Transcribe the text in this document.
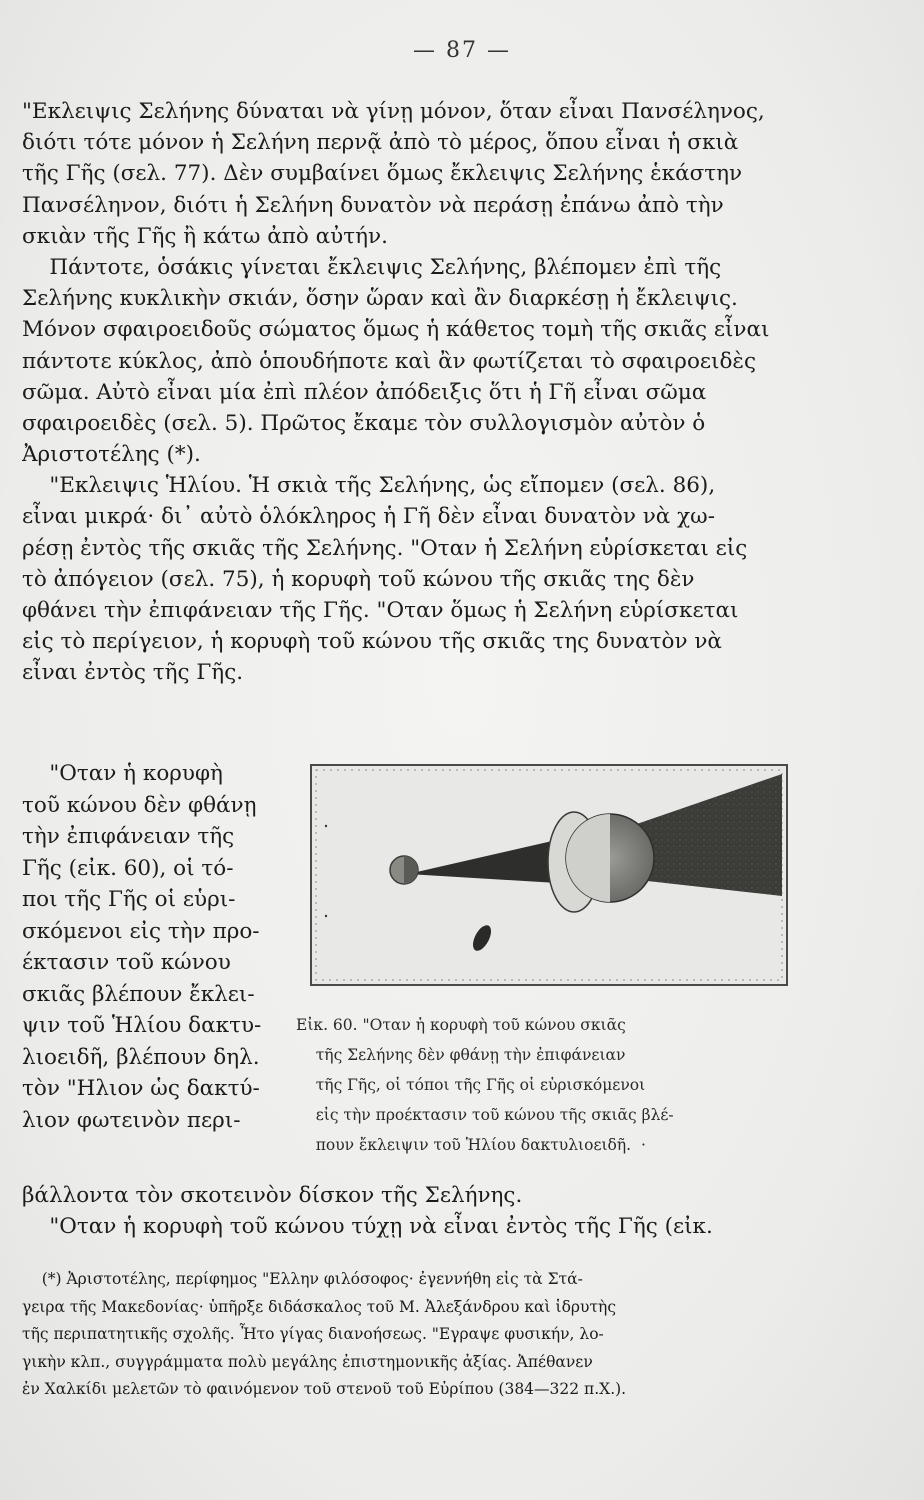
— 87 —
"Εκλειψις Σελήνης δύναται νὰ γίνῃ μόνον, ὅταν εἶναι Πανσέληνος,
διότι τότε μόνον ἡ Σελήνη περνᾷ ἀπὸ τὸ μέρος, ὅπου εἶναι ἡ σκιὰ
τῆς Γῆς (σελ. 77). Δὲν συμβαίνει ὅμως ἔκλειψις Σελήνης ἑκάστην
Πανσέληνον, διότι ἡ Σελήνη δυνατὸν νὰ περάσῃ ἐπάνω ἀπὸ τὴν
σκιὰν τῆς Γῆς ἢ κάτω ἀπὸ αὐτήν.
Πάντοτε, ὁσάκις γίνεται ἔκλειψις Σελήνης, βλέπομεν ἐπὶ τῆς
Σελήνης κυκλικὴν σκιάν, ὅσην ὥραν καὶ ἂν διαρκέσῃ ἡ ἔκλειψις.
Μόνον σφαιροειδοῦς σώματος ὅμως ἡ κάθετος τομὴ τῆς σκιᾶς εἶναι
πάντοτε κύκλος, ἀπὸ ὁπουδήποτε καὶ ἂν φωτίζεται τὸ σφαιροειδὲς
σῶμα. Αὐτὸ εἶναι μία ἐπὶ πλέον ἀπόδειξις ὅτι ἡ Γῆ εἶναι σῶμα
σφαιροειδὲς (σελ. 5). Πρῶτος ἔκαμε τὸν συλλογισμὸν αὐτὸν ὁ
Ἀριστοτέλης (*).
"Εκλειψις Ἡλίου. Ἡ σκιὰ τῆς Σελήνης, ὡς εἴπομεν (σελ. 86),
εἶναι μικρά· δι᾽ αὐτὸ ὁλόκληρος ἡ Γῆ δὲν εἶναι δυνατὸν νὰ χω-
ρέσῃ ἐντὸς τῆς σκιᾶς τῆς Σελήνης. "Οταν ἡ Σελήνη εὑρίσκεται εἰς
τὸ ἀπόγειον (σελ. 75), ἡ κορυφὴ τοῦ κώνου τῆς σκιᾶς της δὲν
φθάνει τὴν ἐπιφάνειαν τῆς Γῆς. "Οταν ὅμως ἡ Σελήνη εὑρίσκεται
εἰς τὸ περίγειον, ἡ κορυφὴ τοῦ κώνου τῆς σκιᾶς της δυνατὸν νὰ
εἶναι ἐντὸς τῆς Γῆς.
"Οταν ἡ κορυφὴ
τοῦ κώνου δὲν φθάνῃ
τὴν ἐπιφάνειαν τῆς
Γῆς (εἰκ. 60), οἱ τό-
ποι τῆς Γῆς οἱ εὑρι-
σκόμενοι εἰς τὴν προ-
έκτασιν τοῦ κώνου
σκιᾶς βλέπουν ἔκλει-
ψιν τοῦ Ἡλίου δακτυ-
λιοειδῆ, βλέπουν δηλ.
τὸν "Ηλιον ὡς δακτύ-
λιον φωτεινὸν περι-
Εἰκ. 60. "Οταν ἡ κορυφὴ τοῦ κώνου σκιᾶς
τῆς Σελήνης δὲν φθάνῃ τὴν ἐπιφάνειαν
τῆς Γῆς, οἱ τόποι τῆς Γῆς οἱ εὑρισκόμενοι
εἰς τὴν προέκτασιν τοῦ κώνου τῆς σκιᾶς βλέ-
πουν ἔκλειψιν τοῦ Ἡλίου δακτυλιοειδῆ.  ·
βάλλοντα τὸν σκοτεινὸν δίσκον τῆς Σελήνης.
"Οταν ἡ κορυφὴ τοῦ κώνου τύχῃ νὰ εἶναι ἐντὸς τῆς Γῆς (εἰκ.
(*) Ἀριστοτέλης, περίφημος "Ελλην φιλόσοφος· ἐγεννήθη εἰς τὰ Στά-
γειρα τῆς Μακεδονίας· ὑπῆρξε διδάσκαλος τοῦ Μ. Ἀλεξάνδρου καὶ ἱδρυτὴς
τῆς περιπατητικῆς σχολῆς. Ἦτο γίγας διανοήσεως. "Εγραψε φυσικήν, λο-
γικὴν κλπ., συγγράμματα πολὺ μεγάλης ἐπιστημονικῆς ἀξίας. Ἀπέθανεν
ἐν Χαλκίδι μελετῶν τὸ φαινόμενον τοῦ στενοῦ τοῦ Εὐρίπου (384—322 π.Χ.).
